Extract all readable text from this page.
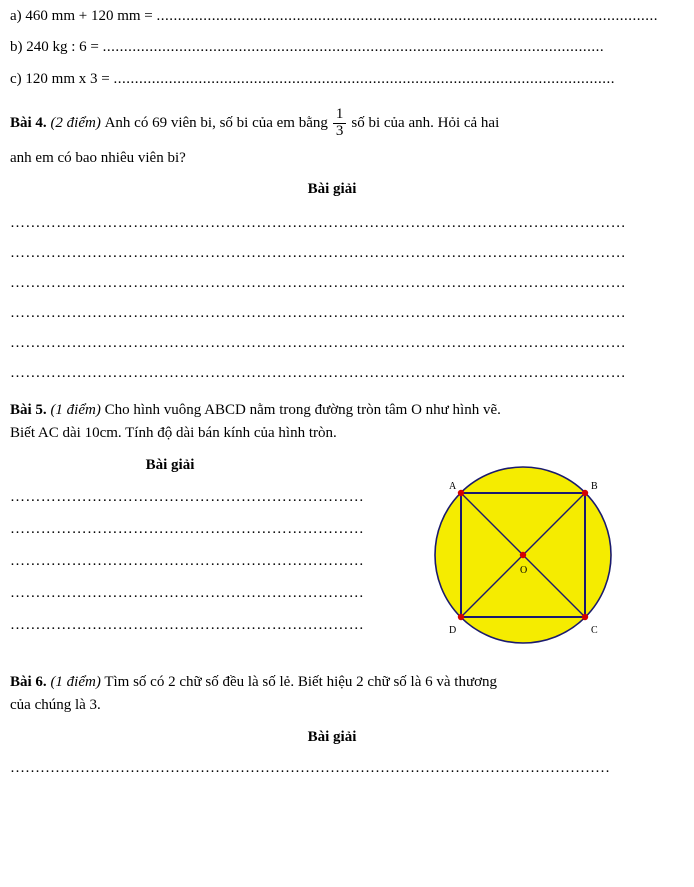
a) 460 mm + 120 mm = ......................................................................................................................
b) 240 kg : 6 = ......................................................................................................................
c) 120 mm x 3 = ......................................................................................................................
Bài 4.
(2 điểm)
Anh có 69 viên bi, số bi của em bằng $\frac{1}{3}$ số bi của anh. Hỏi cả hai
anh em có bao nhiêu viên bi?
Bài giải
…………………………………………………………………………………………………………
…………………………………………………………………………………………………………
…………………………………………………………………………………………………………
…………………………………………………………………………………………………………
…………………………………………………………………………………………………………
…………………………………………………………………………………………………………
Bài 5. (1 điểm) Cho hình vuông ABCD nằm trong đường tròn tâm O như hình vẽ.
Biết AC dài 10cm. Tính độ dài bán kính của hình tròn.
Bài giải
……………………………………………………………
……………………………………………………………
……………………………………………………………
……………………………………………………………
……………………………………………………………
A	B
C
D
O
Bài 6. (1 điểm) Tìm số có 2 chữ số đều là số lẻ. Biết hiệu 2 chữ số là 6 và thương
của chúng là 3.
Bài giải
…………………………………………………………………………………………………………
